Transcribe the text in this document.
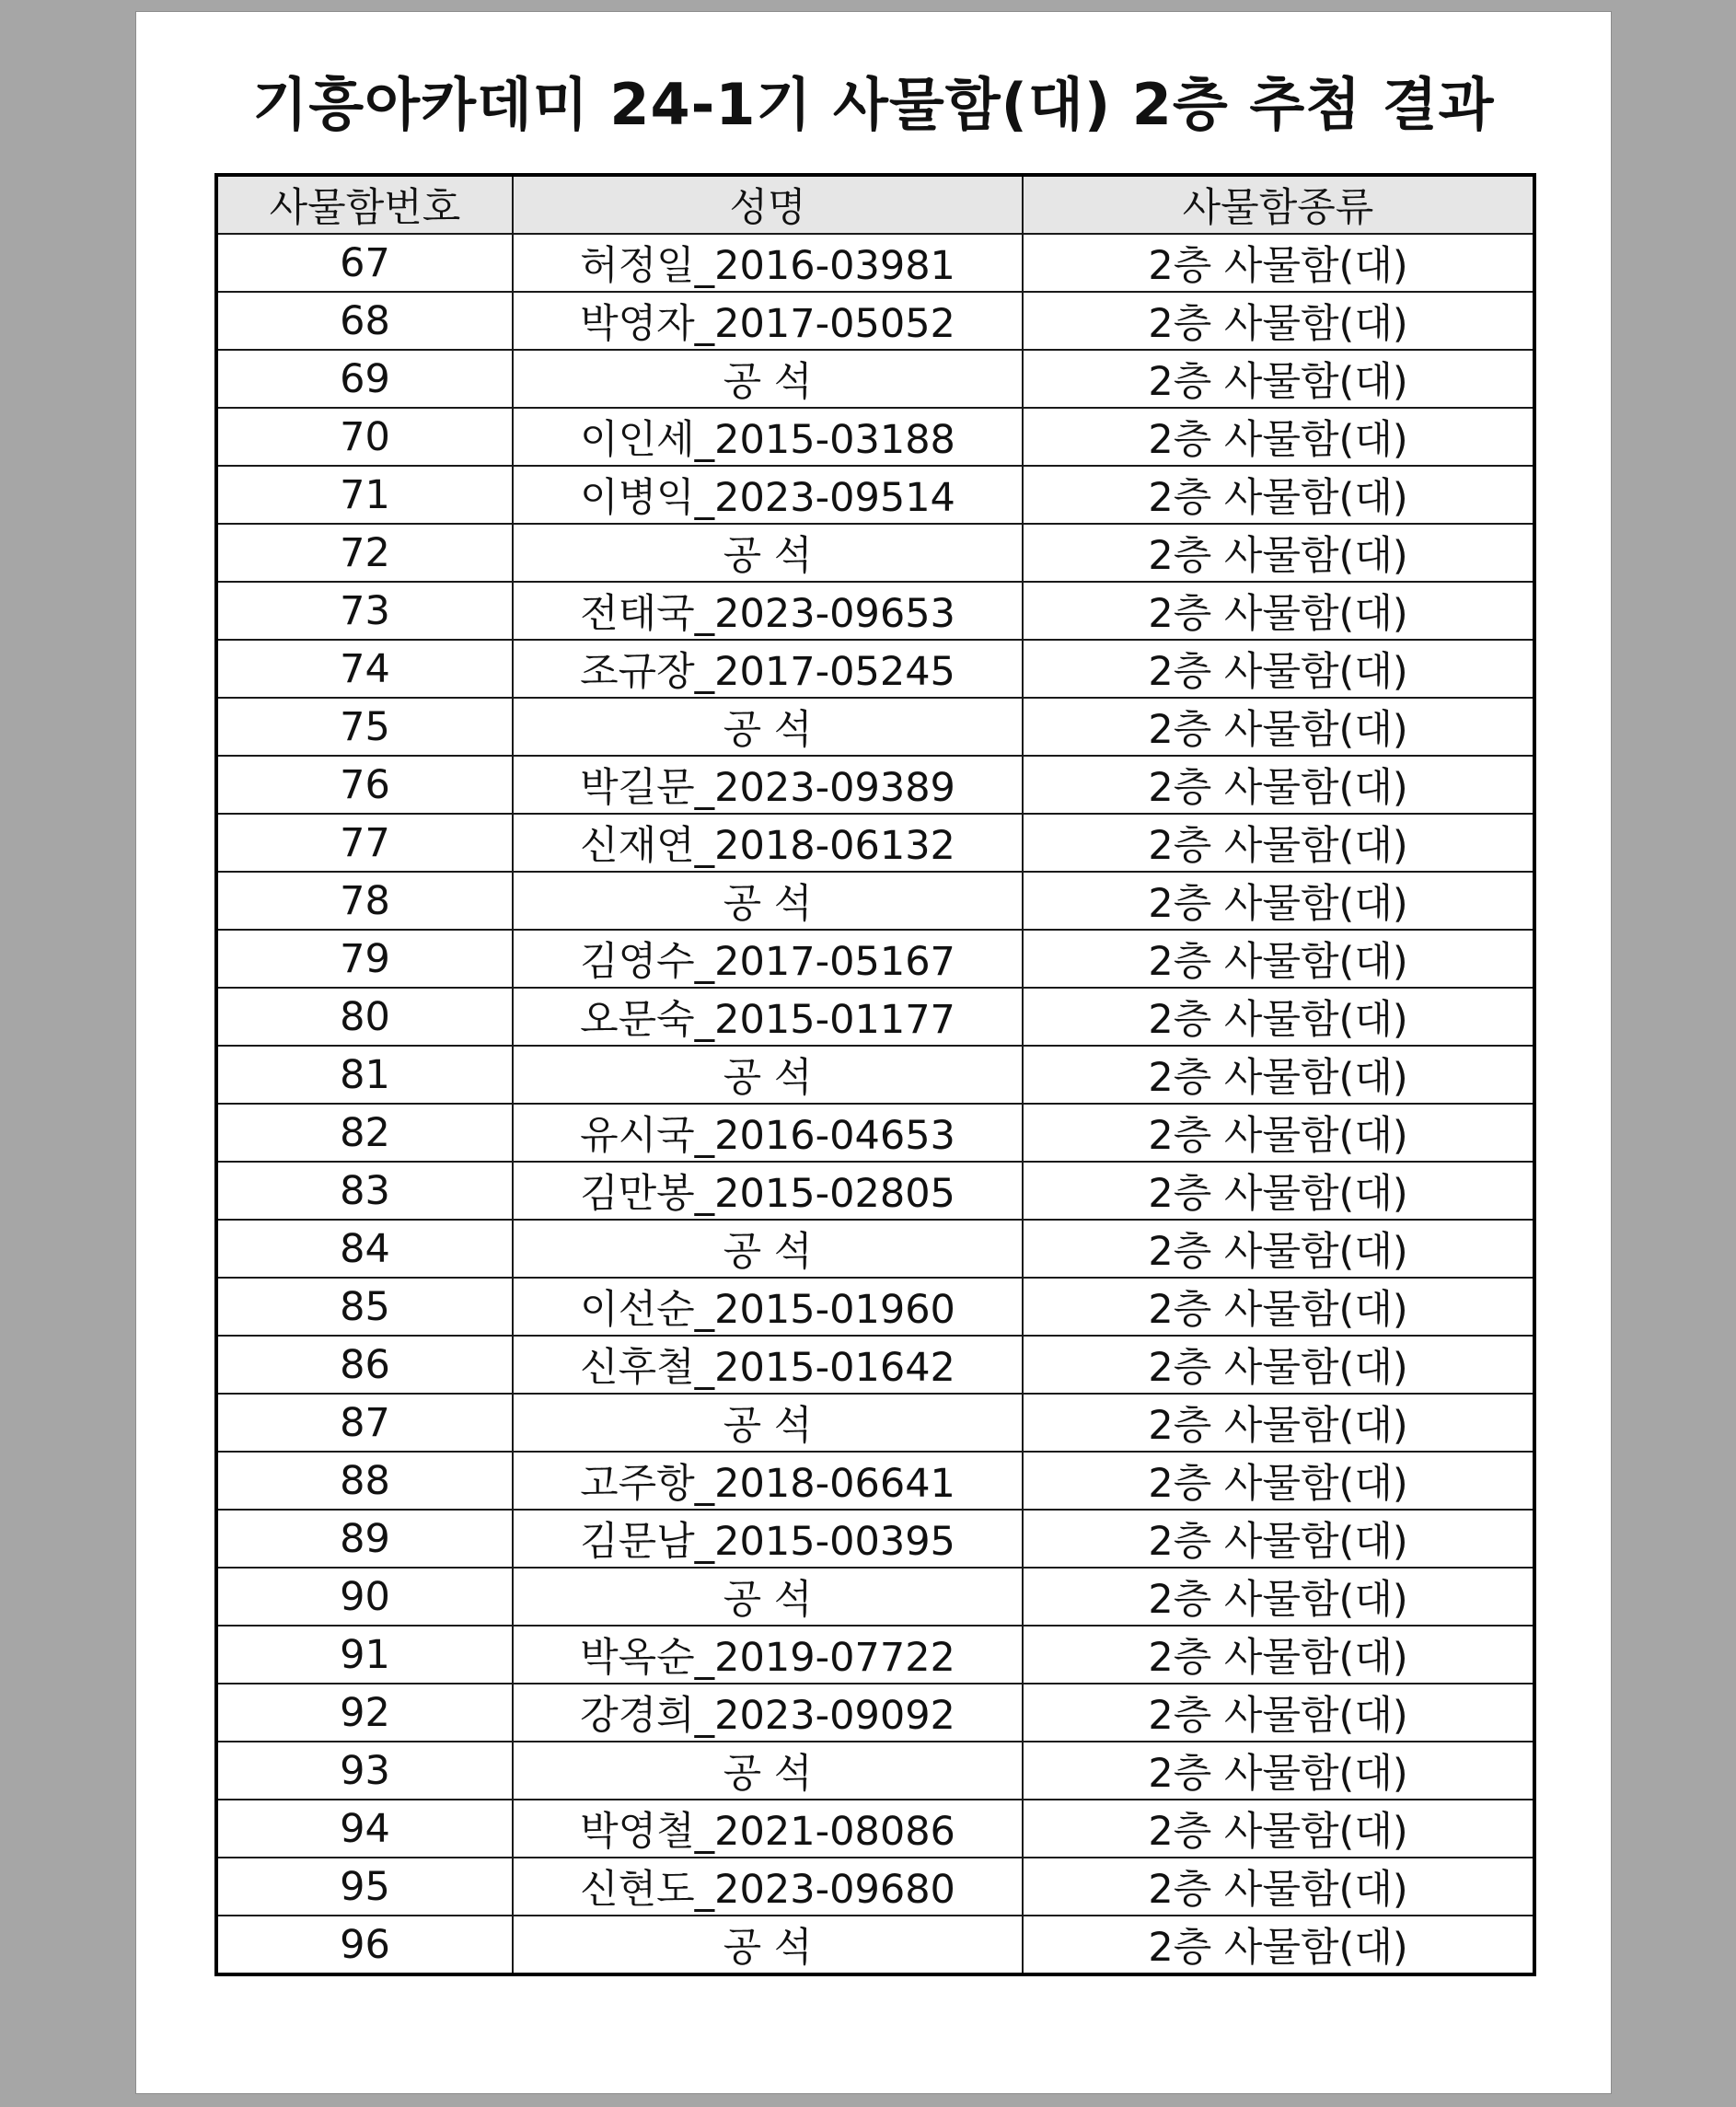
기흥아카데미 24-1기 사물함(대) 2층 추첨 결과
사물함번호	성명	사물함종류
67	허정일_2016-03981	2층 사물함(대)
68	박영자_2017-05052	2층 사물함(대)
69	공 석	2층 사물함(대)
70	이인세_2015-03188	2층 사물함(대)
71	이병익_2023-09514	2층 사물함(대)
72	공 석	2층 사물함(대)
73	전태국_2023-09653	2층 사물함(대)
74	조규장_2017-05245	2층 사물함(대)
75	공 석	2층 사물함(대)
76	박길문_2023-09389	2층 사물함(대)
77	신재연_2018-06132	2층 사물함(대)
78	공 석	2층 사물함(대)
79	김영수_2017-05167	2층 사물함(대)
80	오문숙_2015-01177	2층 사물함(대)
81	공 석	2층 사물함(대)
82	유시국_2016-04653	2층 사물함(대)
83	김만봉_2015-02805	2층 사물함(대)
84	공 석	2층 사물함(대)
85	이선순_2015-01960	2층 사물함(대)
86	신후철_2015-01642	2층 사물함(대)
87	공 석	2층 사물함(대)
88	고주항_2018-06641	2층 사물함(대)
89	김문남_2015-00395	2층 사물함(대)
90	공 석	2층 사물함(대)
91	박옥순_2019-07722	2층 사물함(대)
92	강경희_2023-09092	2층 사물함(대)
93	공 석	2층 사물함(대)
94	박영철_2021-08086	2층 사물함(대)
95	신현도_2023-09680	2층 사물함(대)
96	공 석	2층 사물함(대)
